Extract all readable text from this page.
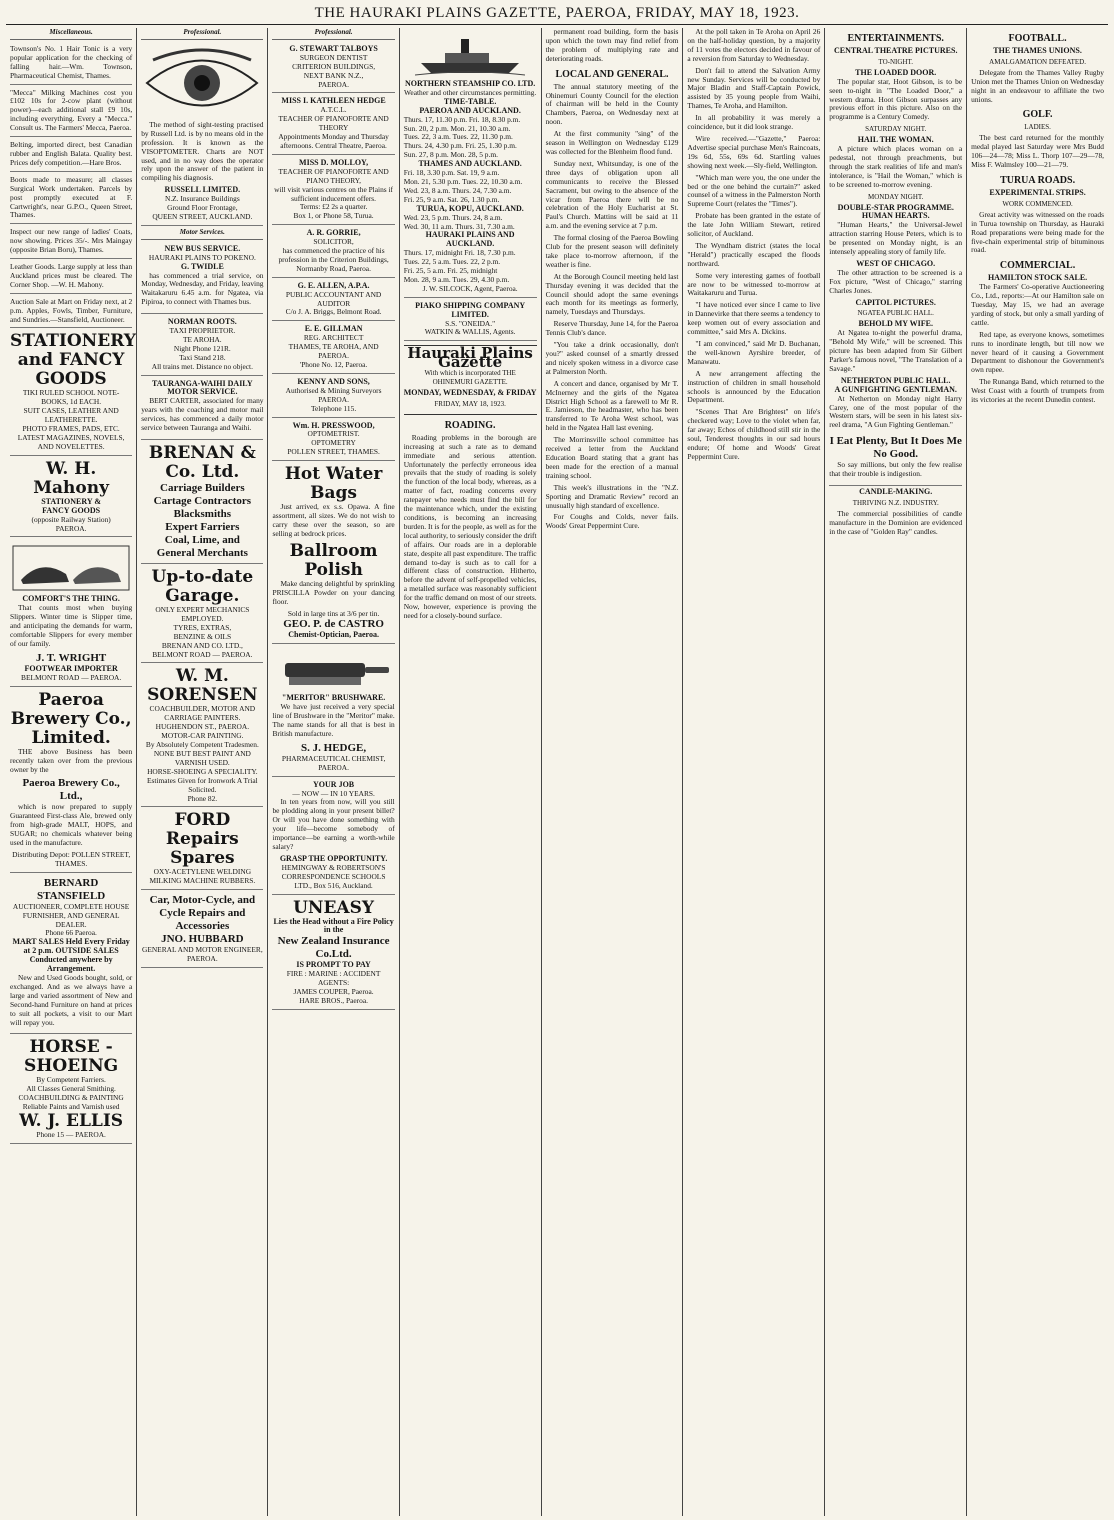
THE HAURAKI PLAINS GAZETTE, PAEROA, FRIDAY, MAY 18, 1923.
Miscellaneous.
Townson's No. 1 Hair Tonic is a very popular application for the checking of falling hair.—Wm. Townson, Pharmaceutical Chemist, Thames.
"Mecca" Milking Machines cost you £102 10s for 2-cow plant (without power)—each additional stall £9 10s, including everything. Every a "Mecca." Consult us. The Farmers' Mecca, Paeroa.
Belting, imported direct, best Canadian rubber and English Balata. Quality best. Prices defy competition.—Hare Bros.
Boots made to measure; all classes Surgical Work undertaken. Parcels by post promptly executed at F. Cartwright's, near G.P.O., Queen Street, Thames.
Inspect our new range of ladies' Coats, now showing. Prices 35/-. Mrs Maingay (opposite Brian Boru), Thames.
Leather Goods. Large supply at less than Auckland prices must be cleared. The Corner Shop. —W. H. Mahony.
Auction Sale at Mart on Friday next, at 2 p.m. Apples, Fowls, Timber, Furniture, and Sundries.—Stansfield, Auctioneer.
STATIONERY and FANCY GOODS
TIKI RULED SCHOOL NOTE-BOOKS, 1d EACH.
SUIT CASES, LEATHER AND LEATHERETTE.
PHOTO FRAMES, PADS, ETC.
LATEST MAGAZINES, NOVELS, AND NOVELETTES.
W. H. Mahony
STATIONERY &
FANCY GOODS
(opposite Railway Station)
PAEROA.
COMFORT'S THE THING.

That counts most when buying Slippers. Winter time is Slipper time, and anticipating the demands for warm, comfortable Slippers for every member of our family.

J. T. WRIGHT
FOOTWEAR IMPORTER
BELMONT ROAD — PAEROA.
Paeroa Brewery Co., Limited.

THE above Business has been recently taken over from the previous owner by the

Paeroa Brewery Co., Ltd.,

which is now prepared to supply Guaranteed First-class Ale, brewed only from high-grade MALT, HOPS, and SUGAR; no chemicals whatever being used in the manufacture.

Distributing Depot: POLLEN STREET, THAMES.
BERNARD STANSFIELD
AUCTIONEER, COMPLETE HOUSE FURNISHER, AND GENERAL DEALER.
Phone 66 Paeroa.
MART SALES Held Every Friday at 2 p.m. OUTSIDE SALES Conducted anywhere by Arrangement.

New and Used Goods bought, sold, or exchanged. And as we always have a large and varied assortment of New and Second-hand Furniture on hand at prices to suit all pockets, a visit to our Mart will repay you.

HORSE - SHOEING
By Competent Farriers.
All Classes General Smithing.
COACHBUILDING & PAINTING
Reliable Paints and Varnish used
W. J. ELLIS
Phone 15 — PAEROA.
Professional.

The method of sight-testing practised by Russell Ltd. is by no means old in the profession. It is known as the VISOPTOMETER. Charts are NOT used, and in no way does the operator rely upon the answer of the patient in compiling his diagnosis.

RUSSELL LIMITED.
N.Z. Insurance Buildings
Ground Floor Frontage,
QUEEN STREET, AUCKLAND.
Motor Services.
NEW BUS SERVICE.
HAURAKI PLAINS TO POKENO.
G. TWIDLE

has commenced a trial service, on Monday, Wednesday, and Friday, leaving Waitakaruru 6.45 a.m. for Ngatea, via Pipiroa, to connect with Thames bus.

NORMAN ROOTS.
TAXI PROPRIETOR.
TE AROHA.
Night Phone 121R.
Taxi Stand 218.
All trains met. Distance no object.
TAURANGA-WAIHI DAILY MOTOR SERVICE.

BERT CARTER, associated for many years with the coaching and motor mail services, has commenced a daily motor service between Tauranga and Waihi.

BRENAN & Co. Ltd.
Carriage Builders
Cartage Contractors
Blacksmiths
Expert Farriers
Coal, Lime, and
General Merchants
Up-to-date Garage.
ONLY EXPERT MECHANICS EMPLOYED.
TYRES, EXTRAS,
BENZINE & OILS
BRENAN AND CO. LTD.,
BELMONT ROAD — PAEROA.
W. M. SORENSEN
COACHBUILDER, MOTOR AND CARRIAGE PAINTERS.
HUGHENDON ST., PAEROA.
MOTOR-CAR PAINTING.
By Absolutely Competent Tradesmen.
NONE BUT BEST PAINT AND VARNISH USED.
HORSE-SHOEING A SPECIALITY.
Estimates Given for Ironwork A Trial Solicited.
Phone 82.
FORD Repairs
Spares
OXY-ACETYLENE WELDING
MILKING MACHINE RUBBERS.
Car, Motor-Cycle, and Cycle Repairs and Accessories
JNO. HUBBARD
GENERAL AND MOTOR ENGINEER,
PAEROA.
Professional.
G. STEWART TALBOYS
SURGEON DENTIST
CRITERION BUILDINGS,
NEXT BANK N.Z.,
PAEROA.
MISS I. KATHLEEN HEDGE
A.T.C.L.
TEACHER OF PIANOFORTE AND THEORY
Appointments Monday and Thursday afternoons. Central Theatre, Paeroa.
MISS D. MOLLOY,
TEACHER OF PIANOFORTE AND PIANO THEORY,
will visit various centres on the Plains if sufficient inducement offers.
Terms: £2 2s a quarter.
Box 1, or Phone 58, Turua.
A. R. GORRIE,
SOLICITOR,
has commenced the practice of his profession in the Criterion Buildings, Normanby Road, Paeroa.
G. E. ALLEN, A.P.A.
PUBLIC ACCOUNTANT AND AUDITOR
C/o J. A. Briggs, Belmont Road.
E. E. GILLMAN
REG. ARCHITECT
THAMES, TE AROHA, AND PAEROA.
'Phone No. 12, Paeroa.
KENNY AND SONS,
Authorised & Mining Surveyors
PAEROA.
Telephone 115.
Wm. H. PRESSWOOD,
OPTOMETRIST.
OPTOMETRY
POLLEN STREET, THAMES.
Hot Water Bags

Just arrived, ex s.s. Opawa. A fine assortment, all sizes. We do not wish to carry these over the season, so are selling at bedrock prices.

Ballroom Polish

Make dancing delightful by sprinkling PRISCILLA Powder on your dancing floor.

Sold in large tins at 3/6 per tin.
GEO. P. de CASTRO
Chemist-Optician, Paeroa.
"MERITOR" BRUSHWARE.

We have just received a very special line of Brushware in the "Meritor" make. The name stands for all that is best in British manufacture.

S. J. HEDGE,
PHARMACEUTICAL CHEMIST, PAEROA.
YOUR JOB
— NOW — IN 10 YEARS.

In ten years from now, will you still be plodding along in your present billet? Or will you have done something with your life—become somebody of importance—be earning a worth-while salary?

GRASP THE OPPORTUNITY.
HEMINGWAY & ROBERTSON'S CORRESPONDENCE SCHOOLS LTD., Box 516, Auckland.
UNEASY
Lies the Head without a Fire Policy in the
New Zealand Insurance Co.Ltd.
IS PROMPT TO PAY
FIRE : MARINE : ACCIDENT
AGENTS:
JAMES COUPER, Paeroa.
HARE BROS., Paeroa.
NORTHERN STEAMSHIP CO. LTD.
Weather and other circumstances permitting.
TIME-TABLE.
PAEROA AND AUCKLAND.
Thurs. 17, 11.30 p.m. Fri. 18, 8.30 p.m.
Sun. 20, 2 p.m. Mon. 21, 10.30 a.m.
Tues. 22, 3 a.m. Tues. 22, 11.30 p.m.
Thurs. 24, 4.30 p.m. Fri. 25, 1.30 p.m.
Sun. 27, 8 p.m. Mon. 28, 5 p.m.
THAMES AND AUCKLAND.
Fri. 18, 3.30 p.m. Sat. 19, 9 a.m.
Mon. 21, 5.30 p.m. Tues. 22, 10.30 a.m.
Wed. 23, 8 a.m. Thurs. 24, 7.30 a.m.
Fri. 25, 9 a.m. Sat. 26, 1.30 p.m.
TURUA, KOPU, AUCKLAND.
Wed. 23, 5 p.m. Thurs. 24, 8 a.m.
Wed. 30, 11 a.m. Thurs. 31, 7.30 a.m.
HAURAKI PLAINS AND AUCKLAND.
Thurs. 17, midnight Fri. 18, 7.30 p.m.
Tues. 22, 5 a.m. Tues. 22, 2 p.m.
Fri. 25, 5 a.m. Fri. 25, midnight
Mon. 28, 9 a.m. Tues. 29, 4.30 p.m.
J. W. SILCOCK, Agent, Paeroa.
PIAKO SHIPPING COMPANY LIMITED.
S.S. "ONEIDA."
WATKIN & WALLIS, Agents.
Hauraki Plains Gazette
With which is incorporated THE OHINEMURI GAZETTE.
MONDAY, WEDNESDAY, & FRIDAY
FRIDAY, MAY 18, 1923.
ROADING.

Roading problems in the borough are increasing at such a rate as to demand immediate and serious attention. Unfortunately the perfectly erroneous idea prevails that the study of roading is solely the function of the local body, whereas, as a matter of fact, roading concerns every ratepayer who needs must find the bill for the maintenance which, under the existing conditions, is becoming an increasing burden. It is for the people, as well as for the local authority, to seriously consider the drift of affairs. Our roads are in a deplorable state, despite all past expenditure. The traffic demand to-day is such as to call for a different class of construction. Hitherto, before the advent of self-propelled vehicles, a metalled surface was reasonably sufficient for the traffic demand on most of our streets. Now, however, experience is proving the need for a closely-bound surface.

permanent road building, form the basis upon which the town may find relief from the problem of multiplying rate and deteriorating roads.

LOCAL AND GENERAL.

The annual statutory meeting of the Ohinemuri County Council for the election of chairman will be held in the County Chambers, Paeroa, on Wednesday next at noon.

At the first community "sing" of the season in Wellington on Wednesday £129 was collected for the Blenheim flood fund.

Sunday next, Whitsunday, is one of the three days of obligation upon all communicants to receive the Blessed Sacrament, but owing to the absence of the vicar from Paeroa there will be no celebration of the Holy Eucharist at St. Paul's Church. Mattins will be said at 11 a.m. and the evening service at 7 p.m.

The formal closing of the Paeroa Bowling Club for the present season will definitely take place to-morrow afternoon, if the weather is fine.

At the Borough Council meeting held last Thursday evening it was decided that the Council should adopt the same evenings each month for its meetings as formerly, namely, Tuesdays and Thursdays.

Reserve Thursday, June 14, for the Paeroa Tennis Club's dance.

"You take a drink occasionally, don't you?" asked counsel of a smartly dressed and nicely spoken witness in a divorce case at Palmerston North.

A concert and dance, organised by Mr T. McInerney and the girls of the Ngatea District High School as a farewell to Mr R. E. Jamieson, the headmaster, who has been transferred to Te Aroha West school, was held in the Ngatea Hall last evening.

The Morrinsville school committee has received a letter from the Auckland Education Board stating that a grant has been made for the erection of a manual training school.

This week's illustrations in the "N.Z. Sporting and Dramatic Review" record an unusually high standard of excellence.

For Coughs and Colds, never fails. Woods' Great Peppermint Cure.

At the poll taken in Te Aroha on April 26 on the half-holiday question, by a majority of 11 votes the electors decided in favour of a reversion from Saturday to Wednesday.

Don't fail to attend the Salvation Army new Sunday. Services will be conducted by Major Bladin and Staff-Captain Powick, assisted by 35 young people from Waihi, Thames, Te Aroha, and Hamilton.

In all probability it was merely a coincidence, but it did look strange.

Wire received.—"Gazette," Paeroa: Advertise special purchase Men's Raincoats, 19s 6d, 55s, 69s 6d. Startling values showing next week.—Sly-field, Wellington.

"Which man were you, the one under the bed or the one behind the curtain?" asked counsel of a witness in the Palmerston North Supreme Court (relates the "Times").

Probate has been granted in the estate of the late John William Stewart, retired solicitor, of Auckland.

The Wyndham district (states the local "Herald") practically escaped the floods northward.

Some very interesting games of football are now to be witnessed to-morrow at Waitakaruru and Turua.

"I have noticed ever since I came to live in Dannevirke that there seems a tendency to keep women out of every association and committee," said Mrs A. Dickins.

"I am convinced," said Mr D. Buchanan, the well-known Ayrshire breeder, of Manawatu.

A new arrangement affecting the instruction of children in small household schools is announced by the Education Department.

"Scenes That Are Brightest" on life's checkered way; Love to the violet when far, far away; Echos of childhood still stir in the soul, Tenderest thoughts in our sad hours endure; Of home and Woods' Great Peppermint Cure.

ENTERTAINMENTS.
CENTRAL THEATRE PICTURES.
TO-NIGHT.
THE LOADED DOOR.

The popular star, Hoot Gibson, is to be seen to-night in "The Loaded Door," a western drama. Hoot Gibson surpasses any previous effort in this picture. Also on the programme is a Century Comedy.

SATURDAY NIGHT.
HAIL THE WOMAN.

A picture which places woman on a pedestal, not through preachments, but through the stark realities of life and man's intolerance, is "Hail the Woman," which is to be screened to-morrow evening.

MONDAY NIGHT.
DOUBLE-STAR PROGRAMME.
HUMAN HEARTS.

"Human Hearts," the Universal-Jewel attraction starring House Peters, which is to be presented on Monday night, is an intensely appealing story of family life.

WEST OF CHICAGO.

The other attraction to be screened is a Fox picture, "West of Chicago," starring Charles Jones.

CAPITOL PICTURES.
NGATEA PUBLIC HALL.
BEHOLD MY WIFE.

At Ngatea to-night the powerful drama, "Behold My Wife," will be screened. This picture has been adapted from Sir Gilbert Parker's famous novel, "The Translation of a Savage."

NETHERTON PUBLIC HALL.
A GUNFIGHTING GENTLEMAN.

At Netherton on Monday night Harry Carey, one of the most popular of the Western stars, will be seen in his latest six-reel drama, "A Gun Fighting Gentleman."

I Eat Plenty, But It Does Me No Good.

So say millions, but only the few realise that their trouble is indigestion.

CANDLE-MAKING.
THRIVING N.Z. INDUSTRY.

The commercial possibilities of candle manufacture in the Dominion are evidenced in the case of "Golden Ray" candles.

FOOTBALL.
THE THAMES UNIONS.
AMALGAMATION DEFEATED.

Delegate from the Thames Valley Rugby Union met the Thames Union on Wednesday night in an endeavour to affiliate the two unions.

GOLF.
LADIES.

The best card returned for the monthly medal played last Saturday were Mrs Budd 106—24—78; Miss L. Thorp 107—29—78, Miss F. Walmsley 100—21—79.

TURUA ROADS.
EXPERIMENTAL STRIPS.
WORK COMMENCED.

Great activity was witnessed on the roads in Turua township on Thursday, as Hauraki Road preparations were being made for the five-chain experimental strip of bituminous road.

COMMERCIAL.
HAMILTON STOCK SALE.

The Farmers' Co-operative Auctioneering Co., Ltd., reports:—At our Hamilton sale on Tuesday, May 15, we had an average yarding of stock, but only a small yarding of cattle.

Red tape, as everyone knows, sometimes runs to inordinate length, but till now we never heard of it causing a Government Department to dishonour the Government's own rupee.

The Runanga Band, which returned to the West Coast with a fourth of trumpets from its victories at the recent Dunedin contest.
